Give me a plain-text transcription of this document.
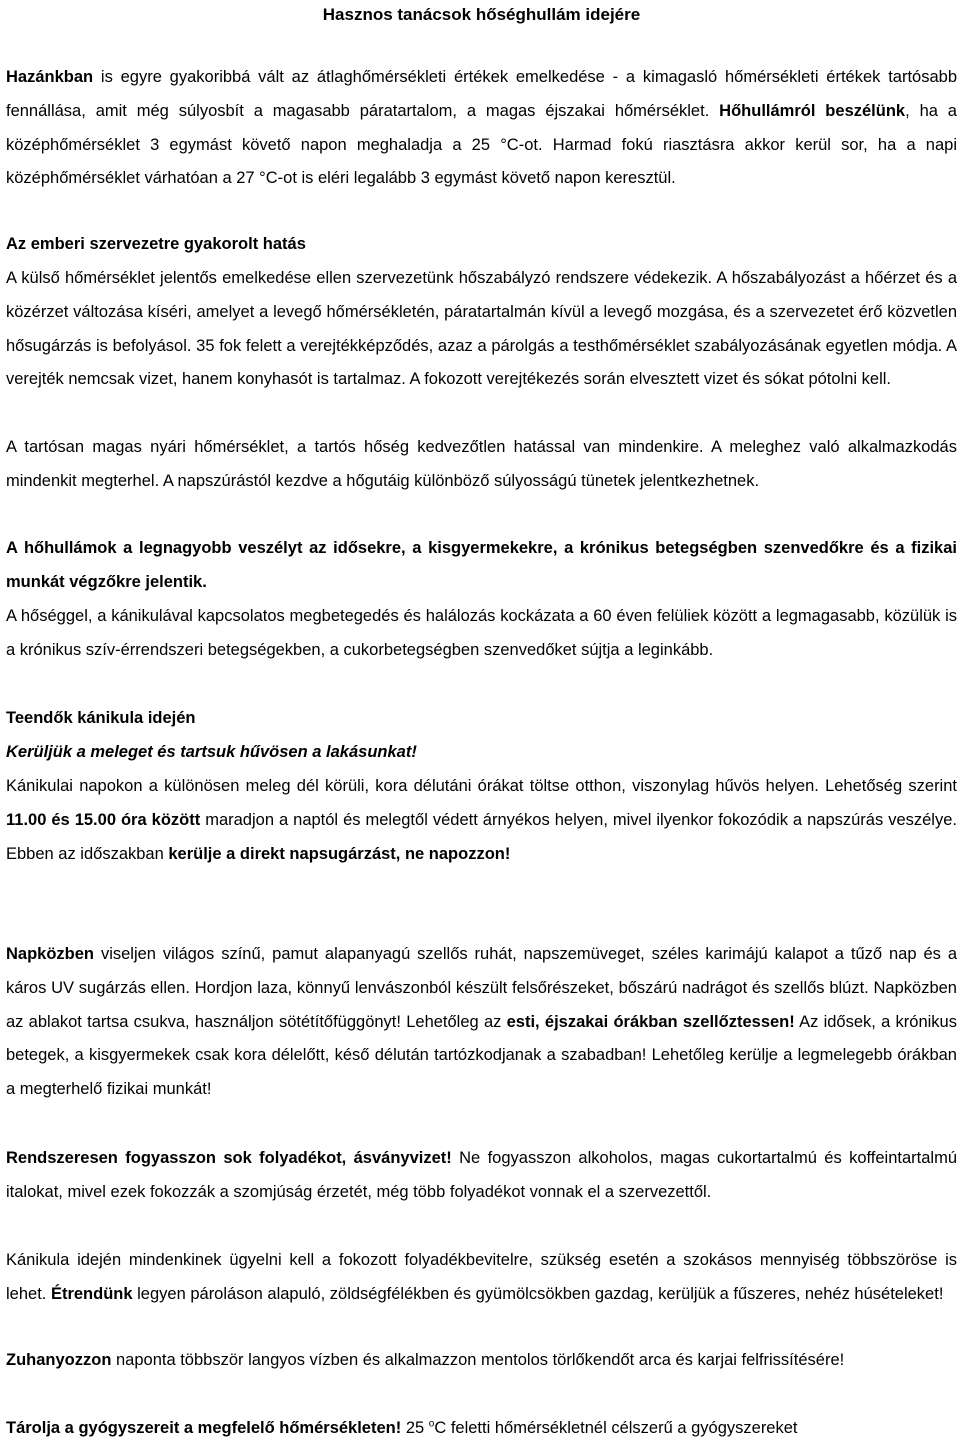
Hasznos tanácsok hőséghullám idejére

Hazánkban is egyre gyakoribbá vált az átlaghőmérsékleti értékek emelkedése - a kimagasló hőmérsékleti értékek tartósabb fennállása, amit még súlyosbít a magasabb páratartalom, a magas éjszakai hőmérséklet. Hőhullámról beszélünk, ha a középhőmérséklet 3 egymást követő napon meghaladja a 25 °C-ot. Harmad fokú riasztásra akkor kerül sor, ha a napi középhőmérséklet várhatóan a 27 °C-ot is eléri legalább 3 egymást követő napon keresztül.

Az emberi szervezetre gyakorolt hatás

A külső hőmérséklet jelentős emelkedése ellen szervezetünk hőszabályzó rendszere védekezik. A hőszabályozást a hőérzet és a közérzet változása kíséri, amelyet a levegő hőmérsékletén, páratartalmán kívül a levegő mozgása, és a szervezetet érő közvetlen hősugárzás is befolyásol. 35 fok felett a verejtékképződés, azaz a párolgás a testhőmérséklet szabályozásának egyetlen módja. A verejték nemcsak vizet, hanem konyhasót is tartalmaz. A fokozott verejtékezés során elvesztett vizet és sókat pótolni kell.

A tartósan magas nyári hőmérséklet, a tartós hőség kedvezőtlen hatással van mindenkire. A meleghez való alkalmazkodás mindenkit megterhel. A napszúrástól kezdve a hőgutáig különböző súlyosságú tünetek jelentkezhetnek.

A hőhullámok a legnagyobb veszélyt az idősekre, a kisgyermekekre, a krónikus betegségben szenvedőkre és a fizikai munkát végzőkre jelentik.

A hőséggel, a kánikulával kapcsolatos megbetegedés és halálozás kockázata a 60 éven felüliek között a legmagasabb, közülük is a krónikus szív-érrendszeri betegségekben, a cukorbetegségben szenvedőket sújtja a leginkább.

Teendők kánikula idején

Kerüljük a meleget és tartsuk hűvösen a lakásunkat!

Kánikulai napokon a különösen meleg dél körüli, kora délutáni órákat töltse otthon, viszonylag hűvös helyen. Lehetőség szerint 11.00 és 15.00 óra között maradjon a naptól és melegtől védett árnyékos helyen, mivel ilyenkor fokozódik a napszúrás veszélye. Ebben az időszakban kerülje a direkt napsugárzást, ne napozzon!

Napközben viseljen világos színű, pamut alapanyagú szellős ruhát, napszemüveget, széles karimájú kalapot a tűző nap és a káros UV sugárzás ellen. Hordjon laza, könnyű lenvászonból készült felsőrészeket, bőszárú nadrágot és szellős blúzt. Napközben az ablakot tartsa csukva, használjon sötétítőfüggönyt! Lehetőleg az esti, éjszakai órákban szellőztessen! Az idősek, a krónikus betegek, a kisgyermekek csak kora délelőtt, késő délután tartózkodjanak a szabadban! Lehetőleg kerülje a legmelegebb órákban a megterhelő fizikai munkát!

Rendszeresen fogyasszon sok folyadékot, ásványvizet! Ne fogyasszon alkoholos, magas cukortartalmú és koffeintartalmú italokat, mivel ezek fokozzák a szomjúság érzetét, még több folyadékot vonnak el a szervezettől.

Kánikula idején mindenkinek ügyelni kell a fokozott folyadékbevitelre, szükség esetén a szokásos mennyiség többszöröse is lehet. Étrendünk legyen pároláson alapuló, zöldségfélékben és gyümölcsökben gazdag, kerüljük a fűszeres, nehéz húsételeket!

Zuhanyozzon naponta többször langyos vízben és alkalmazzon mentolos törlőkendőt arca és karjai felfrissítésére!

Tárolja a gyógyszereit a megfelelő hőmérsékleten! 25 $^o$C feletti hőmérsékletnél célszerű a gyógyszereket
